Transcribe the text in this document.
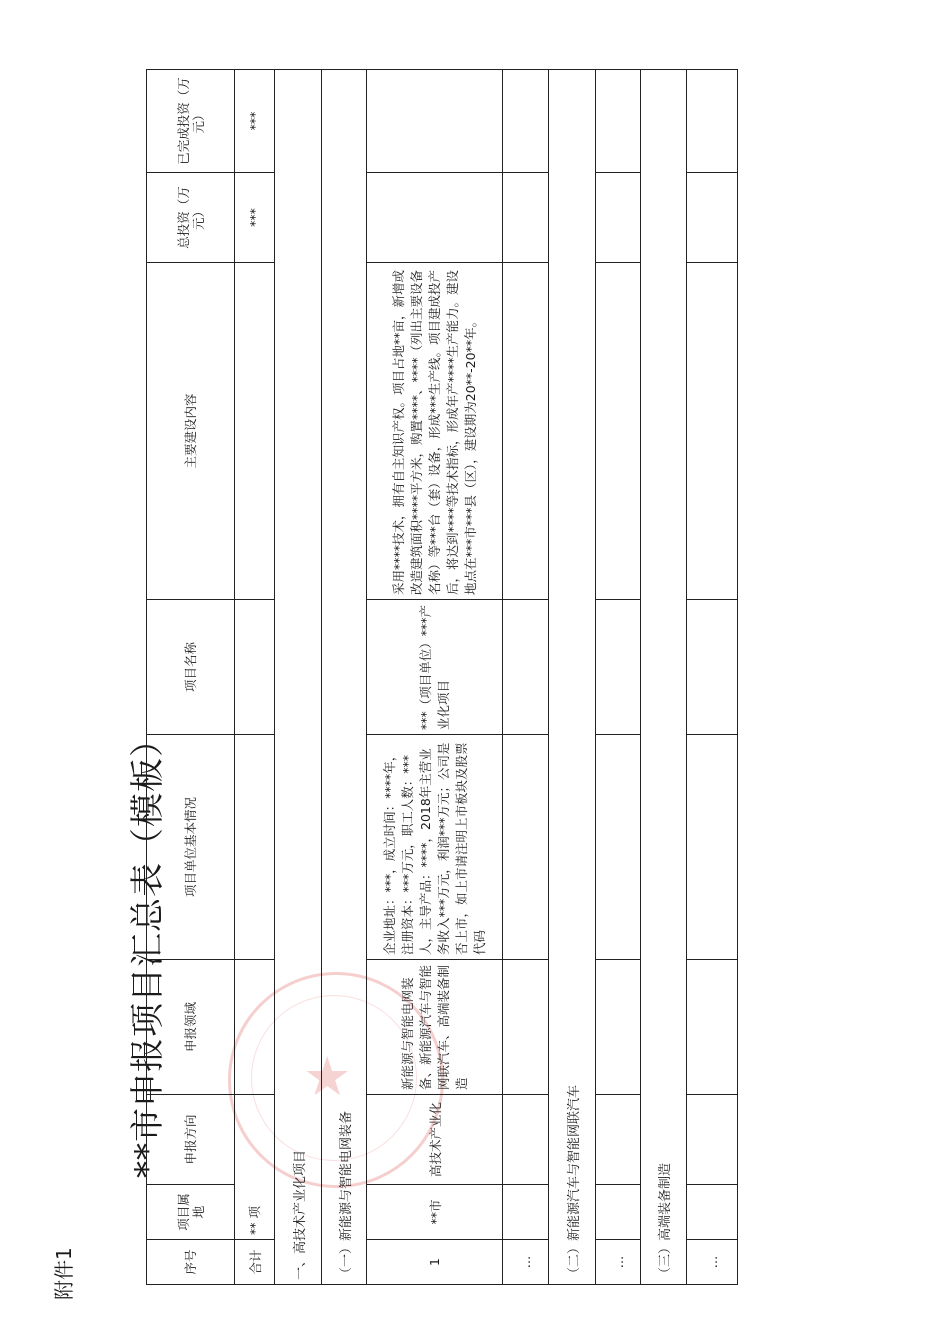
附件1
**市申报项目汇总表（模板）	★
序号	项目属地	申报方向	申报领域	项目单位基本情况	项目名称	主要建设内容	总投资（万元）	已完成投资（万元）
合计	** 项						***	***
一、高技术产业化项目								
（一）新能源与智能电网装备								
1	**市	高技术产业化	新能源与智能电网装备、新能源汽车与智能网联汽车、高端装备制造	企业地址：***，成立时间：****年，注册资本：***万元，职工人数：***人，主导产品：****，2018年主营业务收入***万元，利润***万元；公司是否上市，如上市请注明上市板块及股票代码	***（项目单位）***产业化项目	采用****技术，拥有自主知识产权。项目占地**亩，新增或改造建筑面积****平方米，购置****、****（列出主要设备名称）等***台（套）设备，形成***生产线。项目建成投产后，将达到****等技术指标，形成年产****生产能力。建设地点在***市***县（区），建设期为20**-20**年。		
…								
（二）新能源汽车与智能网联汽车								
…								
（三）高端装备制造								
…								
